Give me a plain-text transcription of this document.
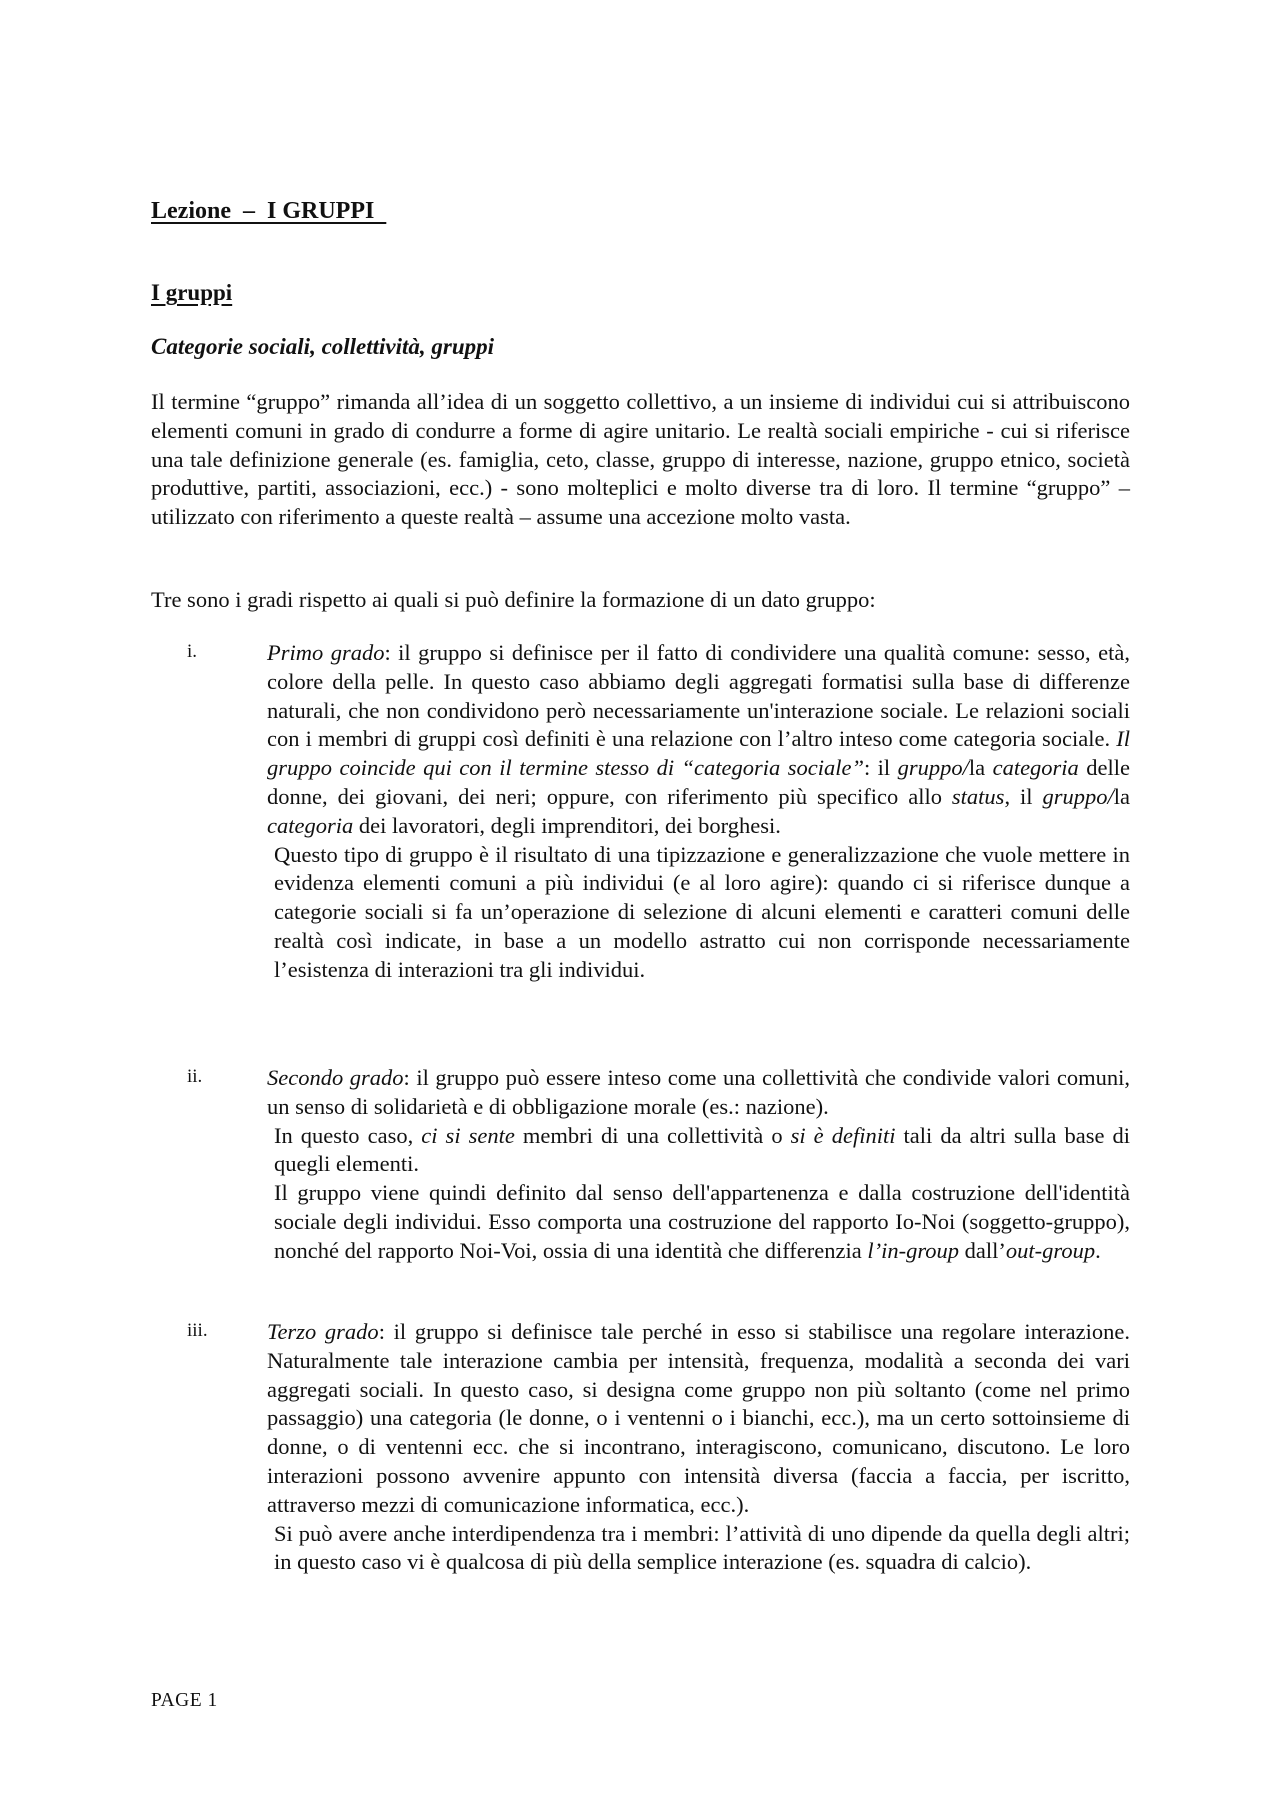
Lezione  –  I GRUPPI
I gruppi
Categorie sociali, collettività, gruppi

Il termine “gruppo” rimanda all’idea di un soggetto collettivo, a un insieme di individui cui si attribuiscono elementi comuni in grado di condurre a forme di agire unitario. Le realtà sociali empiriche - cui si riferisce una tale definizione generale (es. famiglia, ceto, classe, gruppo di interesse, nazione, gruppo etnico, società produttive, partiti, associazioni, ecc.) - sono molteplici e molto diverse tra di loro. Il termine “gruppo” – utilizzato con riferimento a queste realtà – assume una accezione molto vasta.

Tre sono i gradi rispetto ai quali si può definire la formazione di un dato gruppo:

i.	Primo grado: il gruppo si definisce per il fatto di condividere una qualità comune: sesso, età, colore della pelle. In questo caso abbiamo degli aggregati formatisi sulla base di differenze naturali, che non condividono però necessariamente un'interazione sociale. Le relazioni sociali con i membri di gruppi così definiti è una relazione con l’altro inteso come categoria sociale. Il gruppo coincide qui con il termine stesso di “categoria sociale”: il gruppo/la categoria delle donne, dei giovani, dei neri; oppure, con riferimento più specifico allo status, il gruppo/la categoria dei lavoratori, degli imprenditori, dei borghesi.

Questo tipo di gruppo è il risultato di una tipizzazione e generalizzazione che vuole mettere in evidenza elementi comuni a più individui (e al loro agire): quando ci si riferisce dunque a categorie sociali si fa un’operazione di selezione di alcuni elementi e caratteri comuni delle realtà così indicate, in base a un modello astratto cui non corrisponde necessariamente l’esistenza di interazioni tra gli individui.

ii.	Secondo grado: il gruppo può essere inteso come una collettività che condivide valori comuni, un senso di solidarietà e di obbligazione morale (es.: nazione).

In questo caso, ci si sente membri di una collettività o si è definiti tali da altri sulla base di quegli elementi.

Il gruppo viene quindi definito dal senso dell'appartenenza e dalla costruzione dell'identità sociale degli individui. Esso comporta una costruzione del rapporto Io-Noi (soggetto-gruppo), nonché del rapporto Noi-Voi, ossia di una identità che differenzia l’in-group dall’out-group.

iii.	Terzo grado: il gruppo si definisce tale perché in esso si stabilisce una regolare interazione. Naturalmente tale interazione cambia per intensità, frequenza, modalità a seconda dei vari aggregati sociali. In questo caso, si designa come gruppo non più soltanto (come nel primo passaggio) una categoria (le donne, o i ventenni o i bianchi, ecc.), ma un certo sottoinsieme di donne, o di ventenni ecc. che si incontrano, interagiscono, comunicano, discutono. Le loro interazioni possono avvenire appunto con intensità diversa (faccia a faccia, per iscritto, attraverso mezzi di comunicazione informatica, ecc.).

Si può avere anche interdipendenza tra i membri: l’attività di uno dipende da quella degli altri; in questo caso vi è qualcosa di più della semplice interazione (es. squadra di calcio).

PAGE 1
